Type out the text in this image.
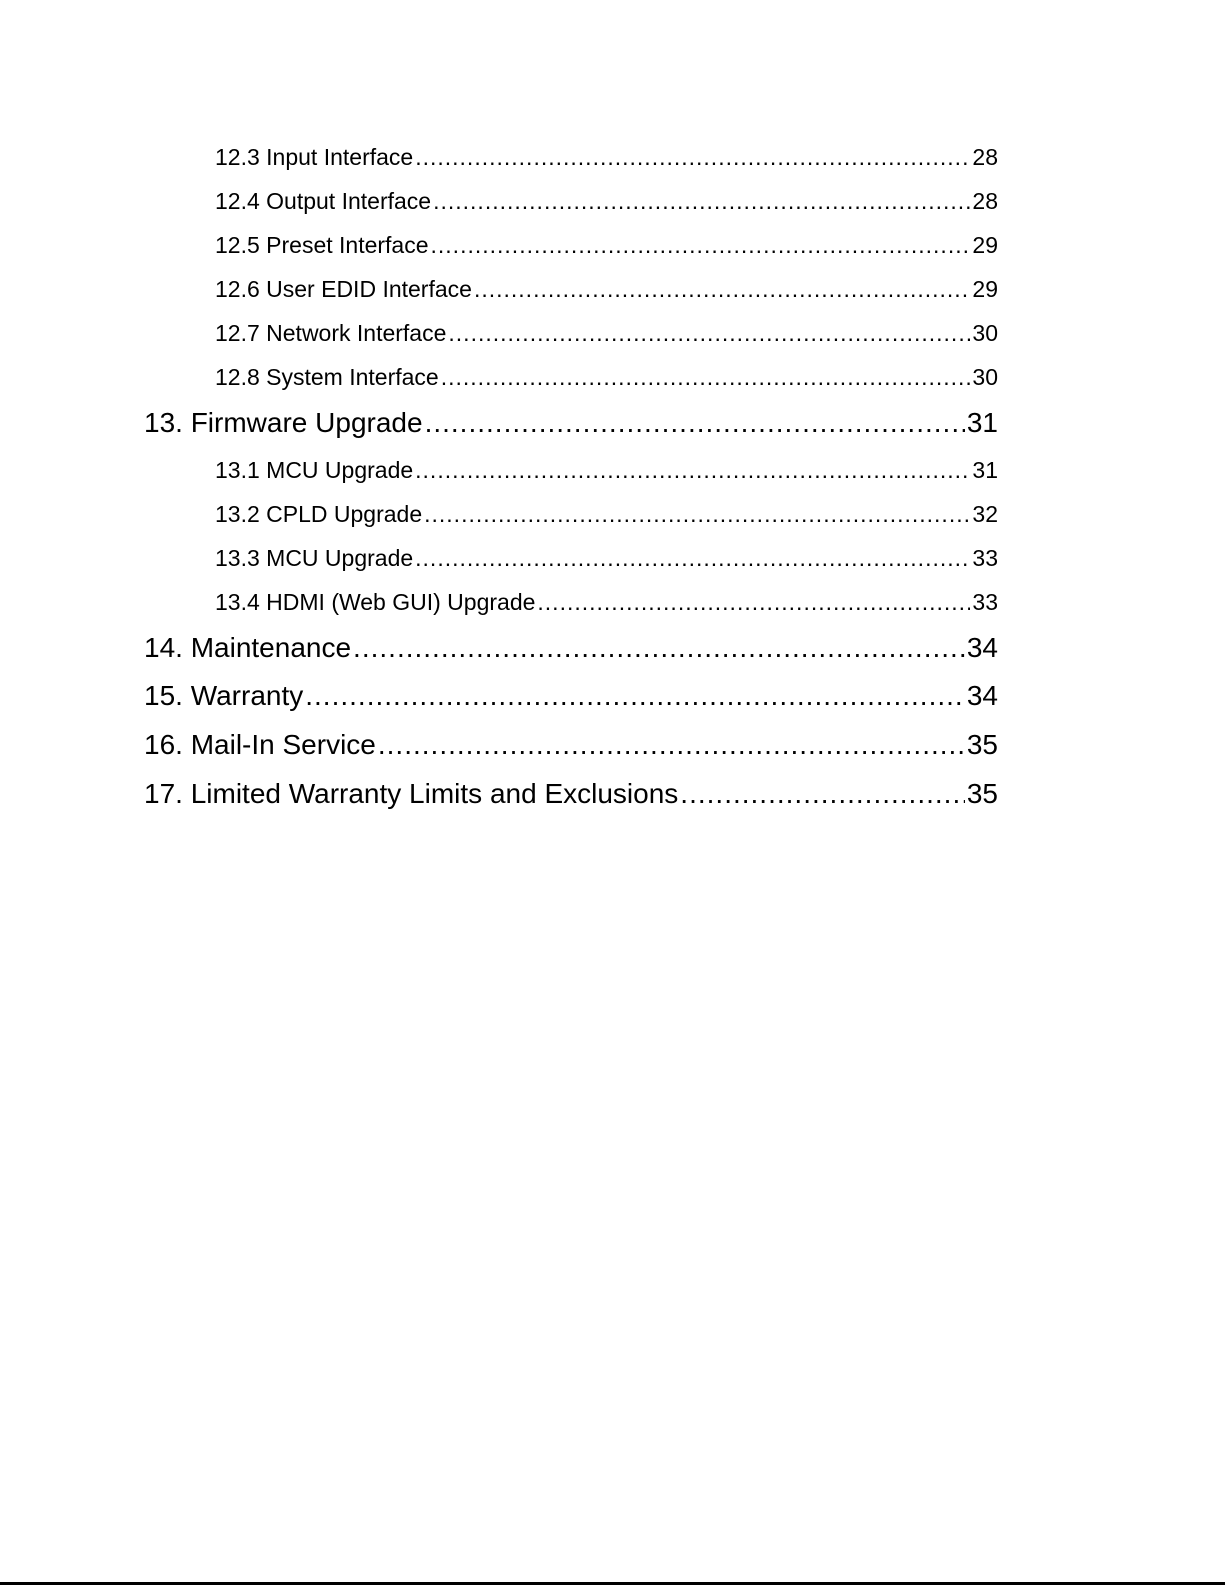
12.3 Input Interface .....	28
12.4 Output Interface .....	28
12.5 Preset Interface .....	29
12.6 User EDID Interface .....	29
12.7 Network Interface .....	30
12.8 System Interface .....	30
13. Firmware Upgrade .....	31
13.1 MCU Upgrade .....	31
13.2 CPLD Upgrade .....	32
13.3 MCU Upgrade .....	33
13.4 HDMI (Web GUI) Upgrade .....	33
14. Maintenance .....	34
15. Warranty .....	34
16. Mail-In Service .....	35
17. Limited Warranty Limits and Exclusions .....	35
